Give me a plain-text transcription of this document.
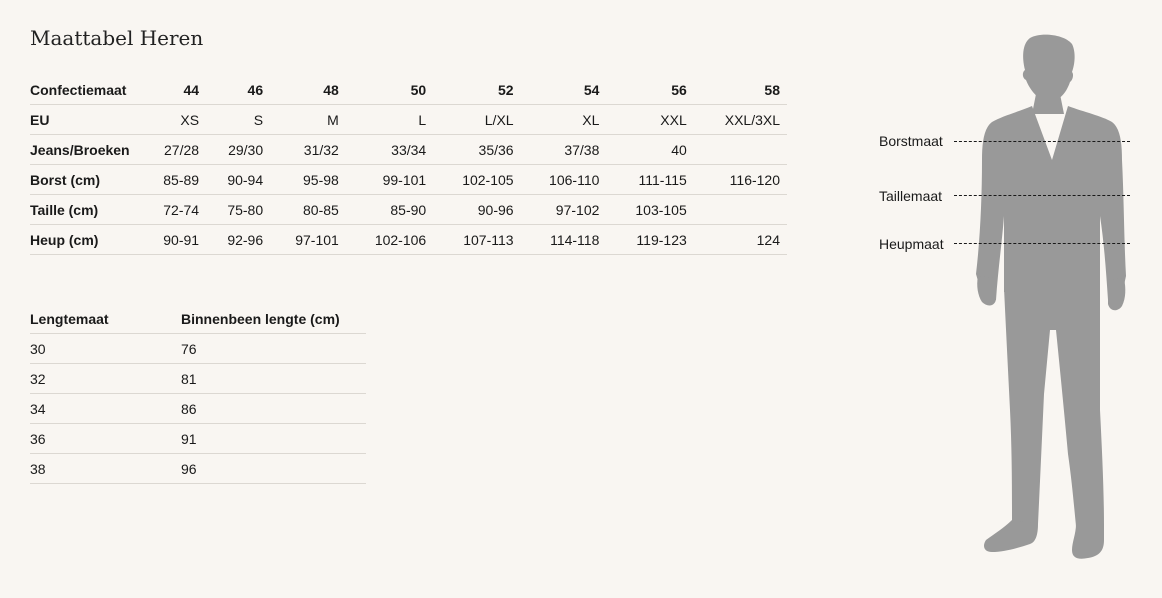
Maattabel Heren
Confectiemaat	44	46	48	50	52	54	56	58
EU	XS	S	M	L	L/XL	XL	XXL	XXL/3XL
Jeans/Broeken	27/28	29/30	31/32	33/34	35/36	37/38	40	
Borst (cm)	85-89	90-94	95-98	99-101	102-105	106-110	111-115	116-120
Taille (cm)	72-74	75-80	80-85	85-90	90-96	97-102	103-105	
Heup (cm)	90-91	92-96	97-101	102-106	107-113	114-118	119-123	124
Lengtemaat	Binnenbeen lengte (cm)
30	76
32	81
34	86
36	91
38	96
Borstmaat
Taillemaat
Heupmaat
